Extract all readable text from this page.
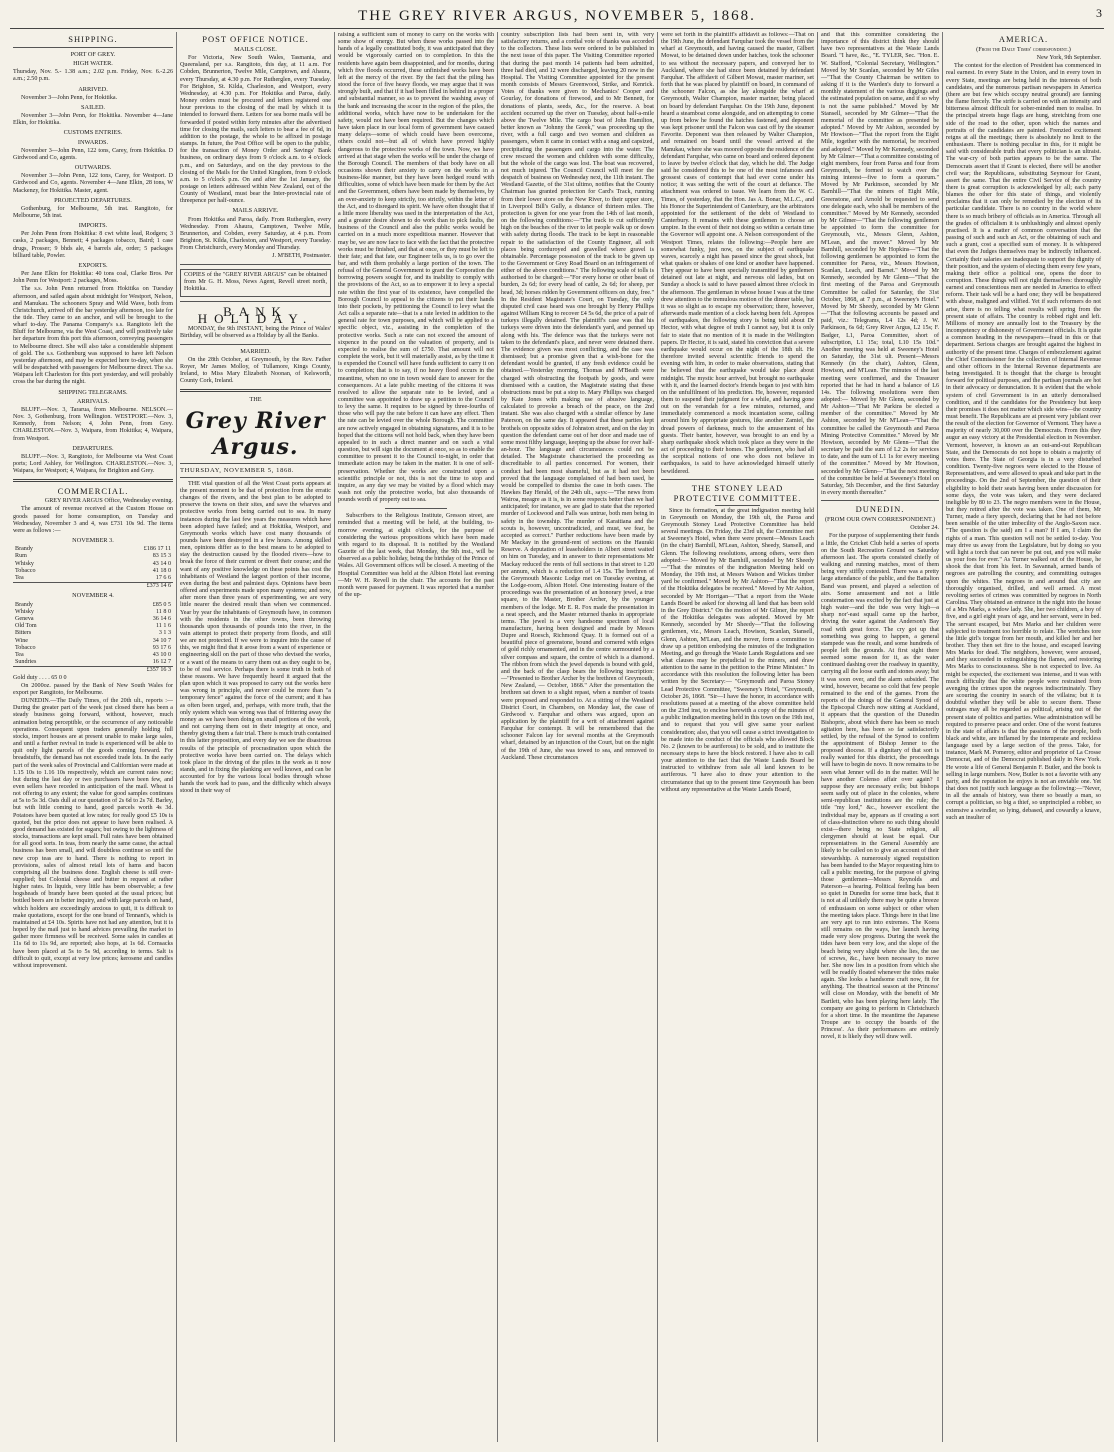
THE GREY RIVER ARGUS, NOVEMBER 5, 1868.	3
SHIPPING.
PORT OF GREY.
HIGH WATER.

Thursday, Nov. 5.- 1.38 a.m.; 2.02 p.m. Friday, Nov. 6.-2.26 a.m.; 2.50 p.m.

ARRIVED.

November 3—John Penn, for Hokitika.

SAILED.

November 3—John Penn, for Hokitika. November 4—Jane Elkin, for Hokitika.

CUSTOMS ENTRIES.
INWARDS.

November 3—John Penn, 122 tons, Carey, from Hokitika. D Girdwood and Co, agents.

OUTWARDS.

November 3—John Penn, 122 tons, Carey, for Westport. D Girdwood and Co, agents. November 4—Jane Elkin, 28 tons, W Mackenzy, for Hokitika. Master, agent.

PROJECTED DEPARTURES.

Gothenburg, for Melbourne, 5th inst. Rangitoto, for Melbourne, 5th inst.

IMPORTS.

Per John Penn from Hokitika: 8 cwt white lead, Rodgers; 3 casks, 2 packages, Bennett; 4 packages tobacco, Baird; 1 case drugs, Prosser; 9 bhds ale, 4 barrels ale, order; 5 packages billiard table, Powler.

EXPORTS.

Per Jane Elkin for Hokitika: 40 tons coal, Clarke Bros. Per John Penn for Westport: 2 packages, Moss.

The s.s. John Penn returned from Hokitika on Tuesday afternoon, and sailed again about midnight for Westport, Nelson, and Manukau. The schooners Spray and Wild Wave, both from Christchurch, arrived off the bar yesterday afternoon, too late for the tide. They came to an anchor, and will be brought to the wharf to-day. The Panama Company's s.s. Rangitoto left the Bluff for Melbourne, via the West Coast, and will positively take her departure from this port this afternoon, conveying passengers to Melbourne direct. She will also take a considerable shipment of gold. The s.s. Gothenburg was supposed to have left Nelson yesterday afternoon, and may be expected here to-day, when she will be despatched with passengers for Melbourne direct. The s.s. Waipara left Charleston for this port yesterday, and will probably cross the bar during the night.

SHIPPING TELEGRAMS.
ARRIVALS.

BLUFF.—Nov. 3, Tararua, from Melbourne. NELSON.—Nov. 3, Gothenburg, from Wellington. WESTPORT.—Nov. 3, Kennedy, from Nelson; 4, John Penn, from Grey. CHARLESTON.—Nov. 3, Waipara, from Hokitika; 4, Waipara, from Westport.

DEPARTURES.

BLUFF.—Nov. 3, Rangitoto, for Melbourne via West Coast ports; Lord Ashley, for Wellington. CHARLESTON.—Nov. 3, Waipara, for Westport; 4, Waipara, for Brighton and Grey.

COMMERCIAL.

GREY RIVER ARGUS Office, Wednesday evening.

The amount of revenue received at the Custom House on goods passed for home consumption, on Tuesday and Wednesday, November 3 and 4, was £731 10s 9d. The items were as follows :—

NOVEMBER 3.
Brandy	£186 17 11
Rum	83 15 3
Whisky	43 14 0
Tobacco	41 18 0
Tea	17 6 6
	£373 14 6
NOVEMBER 4.
Brandy	£85 0 5
Whisky	11 8 0
Geneva	36 14 6
Old Tom	11 1 6
Bitters	3 1 3
Wine	34 10 7
Tobacco	93 17 6
Tea	43 10 0
Sundries	16 12 7
	£357 16 3

Gold duty . . . . 65 0 0

On 2000oz. passed by the Bank of New South Wales for export per Rangitoto, for Melbourne.

DUNEDIN.—The Daily Times, of the 20th ult., reports :— During the greater part of the week just closed there has been a steady business going forward, without, however, much animation being perceptible, or the occurrence of any noticeable operations. Consequent upon traders generally holding full stocks, import houses are at present unable to make large sales, and until a further revival in trade is experienced will be able to quit only light parcels of the goods coming forward. For breadstuffs, the demand has not exceeded trade lots. In the early part of the week sales of Provincial and Californian were made at 1.15 10s to 1.16 10s respectively, which are current rates now; but during the last day or two purchasers have been few, and even sellers have receded in anticipation of the mail. Wheat is not offering to any extent; the value for good samples continues at 5s to 5s 3d. Oats dull at our quotation of 2s 6d to 2s 7d. Barley, but with little coming to hand, good parcels worth 4s 3d. Potatoes have been quoted at low rates; for really good £5 10s is quoted, but the price does not appear to have been realised. A good demand has existed for sugars; but owing to the lightness of stocks, transactions are kept small. Full rates have been obtained for all good sorts. In teas, from nearly the same cause, the actual business has been small, and will doubtless continue so until the new crop teas are to hand. There is nothing to report in provisions, sales of almost retail lots of hams and bacon comprising all the business done. English cheese is still over-supplied; but Colonial cheese and butter in request at rather higher rates. In liquids, very little has been observable; a few hogsheads of brandy have been quoted at the usual prices; but bottled beers are in better inquiry, and with large parcels on hand, which holders are exceedingly anxious to quit, it is difficult to make quotations, except for the one brand of Tennant's, which is maintained at £4 10s. Spirits have not had any attention, but it is hoped by the mail just to hand advices prevailing the market to gather more firmness will be received. Some sales in candles at 11s 6d to 11s 9d, are reported; also hops, at 1s 6d. Cornsacks have been placed at 5s to 5s 9d, according to terms. Salt is difficult to quit, except at very low prices; kerosene and candles without improvement.

POST OFFICE NOTICE.
MAILS CLOSE.

For Victoria, New South Wales, Tasmania, and Queensland, per s.s. Rangitoto, this day, at 11 a.m. For Cobden, Brunnerton, Twelve Mile, Camptown, and Ahaura, every Thursday, at 4.30 p.m. For Rutherglen, every Tuesday. For Brighton, St. Kilda, Charleston, and Westport, every Wednesday, at 4.30 p.m. For Hokitika and Paroa, daily. Money orders must be procured and letters registered one hour previous to the closing of the mail by which it is intended to forward them. Letters for sea borne mails will be forwarded if posted within forty minutes after the advertised time for closing the mails, such letters to bear a fee of 6d, in addition to the postage, the whole to be affixed in postage stamps. In future, the Post Office will be open to the public, for the transaction of Money Order and Savings' Bank business, on ordinary days from 9 o'clock a.m. to 4 o'clock p.m., and on Saturdays, and on the day previous to the closing of the Mails for the United Kingdom, from 9 o'clock a.m. to 5 o'clock p.m. On and after the 1st January, the postage on letters addressed within New Zealand, out of the County of Westland, must bear the Inter-provincial rate of threepence per half-ounce.

MAILS ARRIVE.

From Hokitika and Paroa, daily. From Rutherglen, every Wednesday. From Ahaura, Camptown, Twelve Mile, Brunnerton, and Cobden, every Saturday, at 4 p.m. From Brighton, St. Kilda, Charleston, and Westport, every Tuesday. From Christchurch, every Monday and Thursday.

J. M'BETH, Postmaster.

COPIES of the "GREY RIVER ARGUS" can be obtained from Mr G. H. Moss, News Agent, Revell street north, Hokitika.

BANK HOLIDAY.

MONDAY, the 9th INSTANT, being the Prince of Wales' Birthday, will be observed as a Holiday by all the Banks.

MARRIED.

On the 28th October, at Greymouth, by the Rev. Father Royer, Mr James Molloy, of Tullamore, Kings County, Ireland, to Miss Mary Elizabeth Noonan, of Kelsworth, County Cork, Ireland.

THE
Grey River Argus.
THURSDAY, NOVEMBER 5, 1868.

THE vital question of all the West Coast ports appears at the present moment to be that of protection from the erratic changes of the rivers, and the best plan to be adopted to preserve the towns on their sites, and save the wharves and protective works from being carried out to sea. In many instances during the last few years the measures which have been adopted have failed; and at Hokitika, Westport, and Greymouth works which have cost many thousands of pounds have been destroyed in a few hours. Among skilled men, opinions differ as to the best means to be adopted to stay the destruction caused by the flooded rivers—how to break the force of their current or divert their course; and the want of any positive knowledge on these points has cost the inhabitants of Westland the largest portion of their income, even during the best and palmiest days. Opinions have been offered and experiments made upon many systems; and now, after more than three years of experimenting, we are very little nearer the desired result than when we commenced. Year by year the inhabitants of Greymouth have, in common with the residents in the other towns, been throwing thousands upon thousands of pounds into the river, in the vain attempt to protect their property from floods, and still we are not protected. If we were to inquire into the cause of this, we might find that it arose from a want of experience or engineering skill on the part of those who devised the works, or a want of the means to carry them out as they ought to be, to be of real service. Perhaps there is some truth in both of these reasons. We have frequently heard it argued that the plan upon which it was proposed to carry out the works here was wrong in principle, and never could be more than "a temporary fence" against the force of the current; and it has as often been urged, and, perhaps, with more truth, that the only system which was wrong was that of frittering away the money as we have been doing on small portions of the work, and not carrying them out in their integrity at once, and thereby giving them a fair trial. There is much truth contained in this latter proposition, and every day we see the disastrous results of the principle of procrastination upon which the protective works have been carried on. The delays which took place in the driving of the piles in the work as it now stands, and in fixing the planking are well known, and can be accounted for by the various local bodies through whose hands the work had to pass, and the difficulty which always stood in their way of

raising a sufficient sum of money to carry on the works with some show of energy. But when these works passed into the hands of a legally constituted body, it was anticipated that they would be vigorously carried on to completion. In this the residents have again been disappointed, and for months, during which five floods occurred, these unfinished works have been left at the mercy of the river. By the fact that the piling has stood the force of five heavy floods, we may argue that it was strongly built, and that if it had been filled in behind in a proper and substantial manner, so as to prevent the washing away of the bank and increasing the scour in the region of the piles, the additional works, which have now to be undertaken for the safety, would not have been required. But the changes which have taken place in our local form of government have caused many delays—some of which could have been overcome, others could not—but all of which have proved highly dangerous to the protective works of the town. Now, we have arrived at that stage when the works will be under the charge of the Borough Council. The members of that body have on all occasions shown their anxiety to carry on the works in a business-like manner, but they have been hedged round with difficulties, some of which have been made for them by the Act and the Government, others have been made by themselves, by an over-anxiety to keep strictly, too strictly, within the letter of the Act, and to disregard its spirit. We have often thought that if a little more liberality was used in the interpretation of the Act, and a greater desire shown to do work than to pick faults, the business of the Council and also the public works would be carried on in a much more expeditious manner. However that may be, we are now face to face with the fact that the protective works must be finished, and that at once, or they must be left to their fate; and that fate, our Engineer tells us, is to go over the bar, and with them probably a large portion of the town. The refusal of the General Government to grant the Corporation the borrowing powers sought for, and its inability to comply with the provisions of the Act, so as to empower it to levy a special rate within the first year of its existence, have compelled the Borough Council to appeal to the citizens to put their hands into their pockets, by petitioning the Council to levy what the Act calls a separate rate—that is a rate levied in addition to the general rate for town purposes, and which will be applied to a specific object, viz., assisting in the completion of the protective works. Such a rate can not exceed the amount of sixpence in the pound on the valuation of property, and is expected to realise the sum of £750. That amount will not complete the work, but it will materially assist, as by the time it is expended the Council will have funds sufficient to carry it on to completion; that is to say, if no heavy flood occurs in the meantime, when no one in town would dare to answer for the consequences. At a late public meeting of the citizens it was resolved to allow the separate rate to be levied, and a committee was appointed to draw up a petition to the Council to levy the same. It requires to be signed by three-fourths of those who will pay the rate before it can have any effect. Then the rate can be levied over the whole Borough. The committee are now actively engaged in obtaining signatures, and it is to be hoped that the citizens will not hold back, when they have been appealed to in such a direct manner and on such a vital question, but will sign the document at once, so as to enable the committee to present it to the Council to-night, in order that immediate action may be taken in the matter. It is one of self-preservation. Whether the works are constructed upon a scientific principle or not, this is not the time to stop and inquire, as any day we may be visited by a flood which may wash not only the protective works, but also thousands of pounds worth of property out to sea.

Subscribers to the Religious Institute, Gresson street, are reminded that a meeting will be held, at the building, to-morrow evening, at eight o'clock, for the purpose of considering the various propositions which have been made with regard to its disposal. It is notified by the Westland Gazette of the last week, that Monday, the 9th inst., will be observed as a public holiday, being the birthday of the Prince of Wales. All Government offices will be closed. A meeting of the Hospital Committee was held at the Albion Hotel last evening—Mr W. H. Revell in the chair. The accounts for the past month were passed for payment. It was reported that a number of the up-

country subscription lists had been sent in, with very satisfactory returns, and a cordial vote of thanks was accorded to the collectors. These lists were ordered to be published in the next issue of this paper. The Visiting Committee reported that during the past month 14 patients had been admitted, three had died, and 12 were discharged, leaving 20 now in the Hospital. The Visiting Committee appointed for the present month consists of Messrs Greenwood, Strike, and Kenrick. Votes of thanks were given to Mechanics' Cooper and Gourlay, for donations of firewood, and to Mr Bennett, for donations of plants, seeds, &c., for the reserve. A boat accident occurred up the river on Tuesday, about half-a-mile above the Twelve Mile. The cargo boat of John Hamilton, better known as "Johnny the Greek," was proceeding up the river, with a full cargo and two women and children as passengers, when it came in contact with a snag and capsized, precipitating the passengers and cargo into the water. The crew rescued the women and children with some difficulty, but the whole of the cargo was lost. The boat was recovered, not much injured. The Council Council will meet for the despatch of business on Wednesday next, the 11th instant. The Westland Gazette, of the 31st ultimo, notifies that the County Chairman has granted protection for Card's Track, running from their lower store on the New River, to their upper store, in Liverpool Bill's Gully, a distance of thirteen miles. The protection is given for one year from the 14th of last month, on the following conditions:—"The track to cut sufficiently high on the beaches of the river to let people walk up or down with safety during floods. The track to be kept in reasonable repair to the satisfaction of the County Engineer, all soft places being corduroyed and gravelled where gravel is obtainable. Percentage possession of the track to be given up to the Government or Grey Road Board on an infringement of either of the above conditions." The following scale of tolls is authorised to be charged:—"For every horse or other beast of burden, 2s 6d; for every head of cattle, 2s 6d; for sheep, per head, 3d; horses ridden by Government officers on duty, free." In the Resident Magistrate's Court, on Tuesday, the only disputed civil case heard was one brought by Henry Phillips against William King to recover £4 5s 6d, the price of a pair of turkeys illegally detained. The plaintiff's case was that his turkeys were driven into the defendant's yard, and penned up along with his. The defence was that the turkeys were not taken to the defendant's place, and never were detained there. The evidence given was most conflicting, and the case was dismissed; but a promise given that a wish-bone for the defendant would be granted, if any fresh evidence could be obtained.—Yesterday morning, Thomas and M'Beath were charged with obstructing the footpath by goods, and were dismissed with a caution, the Magistrate stating that these obstructions must be put a stop to. Mary Phillips was charged by Kate Jones with making use of abusive language, calculated to provoke a breach of the peace, on the 2nd instant. She was also charged with a similar offence by Jane Paterson, on the same day. It appeared that these parties kept brothels on opposite sides of Johnston street, and on the day in question the defendant came out of her door and made use of some most filthy language, keeping up the abuse for over half-an-hour. The language and circumstances could not be detailed. The Magistrate characterised the proceeding as discreditable to all parties concerned. For women, their conduct had been most shameful, but as it had not been proved that the language complained of had been used, he would be compelled to dismiss the case in both cases. The Hawkes Bay Herald, of the 24th ult., says:—"The news from Wairoa, meagre as it is, is in some respects better than we had anticipated; for instance, we are glad to state that the reported murder of Lockwood and Falls was untrue, both men being in safety in the township. The murder of Karaitiana and the scouts is, however, uncontradicted, and must, we fear, be accepted as correct." Further reductions have been made by Mr Mackay in the ground-rent of sections on the Hauraki Reserve. A deputation of leaseholders in Albert street waited on him on Tuesday, and in answer to their representations Mr Mackay reduced the rents of full sections in that street to 1.20 per annum, which is a reduction of 1.4 15s. The brethren of the Greymouth Masonic Lodge met on Tuesday evening, at the Lodge-room, Albion Hotel. One interesting feature of the proceedings was the presentation of an honorary jewel, a true square, to the Master, Brother Archer, by the younger members of the lodge. Mr E. R. Fox made the presentation in a neat speech, and the Master returned thanks in appropriate terms. The jewel is a very handsome specimen of local manufacture, having been designed and made by Messrs Dupre and Roesch, Richmond Quay. It is formed out of a beautiful piece of greenstone, bound and cornered with edges of gold richly ornamented, and in the centre surmounted by a silver compass and square, the centre of which is a diamond. The ribbon from which the jewel depends is bound with gold, and the back of the clasp bears the following inscription:—"Presented to Brother Archer by the brethren of Greymouth, New Zealand, — October, 1868." After the presentation the brethren sat down to a slight repast, when a number of toasts were proposed and responded to. At a sitting of the Westland District Court, in Chambers, on Monday last, the case of Girdwood v. Farquhar and others was argued, upon an application by the plaintiff for a writ of attachment against Farquhar for contempt. It will be remembered that the schooner Falcon lay for several months at the Greymouth wharf, detained by an injunction of the Court, but on the night of the 19th of June, she was towed to sea, and removed to Auckland. These circumstances

were set forth in the plaintiff's affidavit as follows:—That on the 19th June, the defendant Farquhar took the vessel from the wharf at Greymouth, and having caused the master, Gilbert Mowat, to be detained down under hatches, took the schooner to sea without the necessary papers, and conveyed her to Auckland, where she had since been detained by defendant Farquhar. The affidavit of Gilbert Mowat, master mariner, set forth that he was placed by plaintiff on board, in command of the schooner Falcon, as she lay alongside the wharf at Greymouth, Walter Champion, master mariner, being placed on board by defendant Farquhar. On the 19th June, deponent heard a steamboat come alongside, and on attempting to come up from below he found the hatches fastened, and deponent was kept prisoner until the Falcon was cast off by the steamer Favorite. Deponent was then released by Walter Champion, and remained on board until the vessel arrived at the Manukau, where she was moored opposite the residence of the defendant Farquhar, who came on board and ordered deponent to leave by twelve o'clock that day, which he did. The Judge said he considered this to be one of the most infamous and grossest cases of contempt that had ever come under his notice; it was setting the writ of the court at defiance. The attachment was ordered to issue. We learn from the W. C. Times, of yesterday, that the Hon. Jas A. Bonar, M.L.C., and his Honor the Superintendent of Canterbury, are the arbitrators appointed for the settlement of the debt of Westland to Canterbury. It remains with these gentlemen to choose an umpire. In the event of their not doing so within a certain time the Governor will appoint one. A Nelson correspondent of the Westport Times, relates the following:—People here are somewhat funky, just now, on the subject of earthquake waves, scarcely a night has passed since the great shock, but what quakes or shakes of one kind or another have happened. They appear to have been specially transmitted by gentlemen detained out late at night, and nervous old ladies, but on Sunday a shock is said to have passed almost three o'clock in the afternoon. The gentleman in whose house I was at the time drew attention to the tremulous motion of the dinner table, but it was so slight as to escape my observation; there, however, afterwards made mention of a clock having been felt. Apropos of earthquakes, the following story is being told about Dr Hector, with what degree of truth I cannot say, but it is only fair to state that no mention of it is made in the Wellington papers. Dr Hector, it is said, stated his conviction that a severe earthquake would occur on the night of the 18th ult. He therefore invited several scientific friends to spend the evening with him, in order to make observations, stating that he believed that the earthquake would take place about midnight. The mystic hour arrived, but brought no earthquake with it, and the learned doctor's friends began to jest with him on the unfulfilment of his prediction. He, however, requested them to suspend their judgment for a while, and having gone out on the verandah for a few minutes, returned, and immediately commenced a mock incantation scene, calling around him by appropriate gestures, like another Zamiel, the dread powers of darkness, much to the amusement of his guests. Their banter, however, was brought to an end by a sharp earthquake shock which took place as they were in the act of proceeding to their homes. The gentlemen, who had all the sceptical notions of one who does not believe in earthquakes, is said to have acknowledged himself utterly bewildered.

THE STONEY LEAD PROTECTIVE COMMITTEE.

Since its formation, at the great indignation meeting held in Greymouth on Monday, the 19th ult, the Paroa and Greymouth Stoney Lead Protective Committee has held several meetings. On Friday, the 23rd ult, the Committee met at Sweeney's Hotel, when there were present—Messrs Leach (in the chair) Barnhill, M'Lean, Ashton, Sheedy, Stansell, and Glenn. The following resolutions, among others, were then adopted:— Moved by Mr Barnhill, seconded by Mr Sheedy—"That the minutes of the indignation Meeting held on Monday, the 19th inst, at Messrs Watson and Wickes timber yard be confirmed." Moved by Mr Ashton—"That the report of the Hokitika delegates be received." Moved by Mr Ashton, seconded by Mr Horrigan—"That a report from the Waste Lands Board be asked for showing all land that has been sold in the Grey District." On the motion of Mr Gilmer, the report of the Hokitika delegates was adopted. Moved by Mr Kennedy, seconded by Mr Sheedy—"That the following gentlemen, viz., Messrs Leach, Howison, Scanlan, Stansell, Glenn, Ashton, M'Lean, and the mover, form a committee to draw up a petition embodying the minutes of the Indignation Meeting, and go through the Waste Lands Regulations and see what clauses may be prejudicial to the miners, and draw attention to the same in the petition to the Prime Minister." In accordance with this resolution the following letter has been written by the Secretary:— "Greymouth and Paroa Stoney Lead Protective Committee, "Sweeney's Hotel, "Greymouth, October 26, 1868. "Sir—I have the honor, in accordance with resolutions passed at a meeting of the above committee held on the 23rd inst, to enclose herewith a copy of the minutes of a public indignation meeting held in this town on the 19th inst, and to request that you will give same your earliest consideration; also, that you will cause a strict investigation to be made into the conduct of the officials who allowed Block No. 2 (known to be auriferous) to be sold, and to institute the necessary steps to have the block restored. I have also to call your attention to the fact that the Waste Lands Board be instructed to withdraw from sale all land known to be auriferous. "I have also to draw your attention to the circumstance that up to the present time Greymouth has been without any representative at the Waste Lands Board,

and that this committee considering the importance of this district think they should have two representatives at the Waste Lands Board. "I have, &c., "E. TYLER, Sec. "Hon. E. W. Stafford, "Colonial Secretary, Wellington." Moved by Mr Scanlan, seconded by Mr Giles—"That the County Chairman be written to asking if it is the Warden's duty to forward a monthly statement of the various diggings and the estimated population on same, and if so why is not the same published." Moved by Mr Stansell, seconded by Mr Gilmer—"That the memorial of the committee as presented be adopted." Moved by Mr Ashton, seconded by Mr Howison—"That the report from the Eight Mile, together with the memorial, be received and adopted." Moved by Mr Kennedy, seconded by Mr Gilmer—"That a committee consisting of eight members, four from Paroa and four from Greymouth, be formed to watch over the mining interest—five to form a quorum." Moved by Mr Parkinson, seconded by Mr Barnhill—"That the miners of Eight Mile, Greenstone, and Arnold be requested to send one delegate each, who shall be members of the committee." Moved by Mr Kennedy, seconded by Mr Gilmer—"That the following gentlemen be appointed to form the committee for Greymouth, viz., Messrs Glenn, Ashton, M'Lean, and the mover." Moved by Mr Barnhill, seconded by Mr Hopkins—"That the following gentlemen be appointed to form the committee for Paroa, viz., Messrs Howison, Scanlan, Leach, and Barnet." Moved by Mr Kennedy, seconded by Mr Glenn—"That the first meeting of the Paroa and Greymouth Committee be called for Saturday, the 31st October, 1868, at 7 p.m., at Sweeney's Hotel." Moved by Mr Sheedy, seconded by Mr Glenn—"That the following accounts be passed and paid, viz.: Telegrams, L4 12s 4d; J. W. Parkinson, 6s 6d; Grey River Argus, L2 15s; F. Badger, L1, Paroa Committee, short of subscription, L1 15s; total, L10 15s 10d." Another meeting was held at Sweeney's Hotel on Saturday, the 31st ult. Present—Messrs Kennedy (in the chair), Ashton, Glenn, Howison, and M'Lean. The minutes of the last meeting were confirmed, and the Treasurer reported that he had in hand a balance of L6 14s. The following resolutions were then adopted:— Moved by Mr Glenn, seconded by Mr Ashton—"That Mr Parkins be elected a member of the committee." Moved by Mr Ashton, seconded by Mr M'Lean—"That the committee be called the Greymouth and Paroa Mining Protective Committee." Moved by Mr Howison, seconded by Mr Glenn—"That the secretary be paid the sum of L2 2s for services to date, and the sum of L1 1s for every meeting of the committee." Moved by Mr Howison, seconded by Mr Glenn—"That the next meeting of the committee be held at Sweeney's Hotel on Saturday, 5th December, and the first Saturday in every month thereafter."

DUNEDIN.
(FROM OUR OWN CORRESPONDENT.)

October 24.

For the purpose of supplementing their funds a little, the Cricket Club held a series of sports on the South Recreation Ground on Saturday afternoon last. The sports consisted chiefly of walking and running matches, most of them being very stiffly contested. There was a pretty large attendance of the public, and the Battalion Band was present, and played a selection of airs. Some amusement and not a little consternation was excited by the fact that just at high water—and the tide was very high—a sharp nor'-east squall came up the harbor, driving the water against the Anderson's Bay road with great force. The cry got up that something was going to happen, a general stampede was the result, and some hundreds of people left the grounds. At first sight there seemed some reason for it, as the water continued dashing over the roadway in quantity, carrying all the loose earth and stones away; but it was soon over, and the alarm subsided. The wind, however, became so cold that few people remained to the end of the games. From the reports of the doings of the General Synod of the Episcopal Church now sitting at Auckland, it appears that the question of the Dunedin Bishopric, about which there has been so much agitation here, has been so far satisfactorily settled, by the refusal of the Synod to confirm the appointment of Bishop Jenner to the proposed diocese. If a dignitary of that sort is really wanted for this district, the proceedings will have to begin de novo. It now remains to be seen what Jenner will do in the matter. Will he have another Colenso affair over again? I suppose they are necessary evils; but bishops seem sadly out of place in the colonies, where semi-republican institutions are the rule; the title "my lord," &c., however excellent the individual may be, appears as if creating a sort of class-distinction where no such thing should exist—there being no State religion, all clergymen should at least be equal. Our representatives in the General Assembly are likely to be called on to give an account of their stewardship. A numerously signed requisition has been handed to the Mayor requesting him to call a public meeting, for the purpose of giving those gentlemen—Messrs Reynolds and Paterson—a hearing. Political feeling has been so quiet in Dunedin for some time back, that it is not at all unlikely there may be quite a breeze of enthusiasm on some subject or other when the meeting takes place. Things here in that line are very apt to run into extremes. The Koera still remains on the ways, her launch having made very slow progress. During the week the tides have been very low, and the slope of the beach being very slight where she lies, the use of screws, &c., have been necessary to move her. She now lies in a position from which she will be readily floated whenever the tides make again. She looks a handsome craft now, fit for anything. The theatrical season at the Princess' will close on Monday, with the benefit of Mr Bartlett, who has been playing here lately. The company are going to perform in Christchurch for a short time. In the meantime the Japanese Troupe are to occupy the boards of the Princess'. As their performances are entirely novel, it is likely they will draw well.

AMERICA.
(From the Daily Times' correspondent.)

New York, 9th September.

The contest for the election of President has commenced in real earnest. In every State in the Union, and in every town in every State, meetings are being held in the interests of both candidates, and the numerous partisan newspapers in America (there are but few which occupy neutral ground) are fanning the flame fiercely. The strife is carried on with an intensity and bitterness almost difficult for sober-minded men to realise. In the principal streets huge flags are hung, stretching from one side of the road to the other, upon which the names and portraits of the candidates are painted. Frenzied excitement reigns at all the meetings; there is absolutely no limit to the enthusiasm. There is nothing peculiar in this, for it might be said with considerable truth that every politician is an ultraist. The war-cry of both parties appears to be the same. The Democrats assert that if Grant is elected, there will be another civil war; the Republicans, substituting Seymour for Grant, assert the same. That the entire Civil Service of the country there is great corruption is acknowledged by all; each party blames the other for this state of things, and violently proclaims that it can only be remedied by the election of its particular candidate. There is no country in the world where there is so much bribery of officials as in America. Through all the grades of officialism it is unblushingly and almost openly practised. It is a matter of common conversation that the passing of such and such an Act, or the obtaining of such and such a grant, cost a specified sum of money. It is whispered that even the Judges themselves may be indirectly influenced. Certainly their salaries are inadequate to support the dignity of their position, and the system of electing them every few years, making their office a political one, opens the door to corruption. These things will not right themselves: thoroughly earnest and conscientious men are needed in America to effect reform. Their task will be a hard one; they will be bespattered with abuse, maligned and vilified. Yet if such reformers do not arise, there is no telling what results will spring from the present state of affairs. The country is robbed right and left. Millions of money are annually lost to the Treasury by the incompetency or dishonesty of Government officials. It is quite a common heading in the newspapers—fraud in this or that department. Serious charges are brought against the highest in authority of the present time. Charges of embezzlement against the Chief Commissioner for the collection of Internal Revenue and other officers in the Internal Revenue departments are being investigated. It is thought that the charge is brought forward for political purposes, and the partisan journals are hot in their advocacy or denunciation. It is evident that the whole system of civil Government is in an utterly demoralised condition, and if the candidates for the Presidency but keep their promises it does not matter which side wins—the country must benefit. The Republicans are at present very jubilant over the result of the election for Governor of Vermont. They have a majority of nearly 30,000 over the Democrats. From this they augur an easy victory at the Presidential election in November. Vermont, however, is known as an out-and-out Republican State, and the Democrats do not hope to obtain a majority of votes there. The State of Georgia is in a very disturbed condition. Twenty-five negroes were elected to the House of Representatives, and were allowed to speak and take part in the proceedings. On the 2nd of September, the question of their eligibility to hold their seats having been under discussion for some days, the vote was taken, and they were declared ineligible by 80 to 23. The negro members were in the House, but they retired after the vote was taken. One of them, Mr Turner, made a fiery speech, declaring that he had not before been sensible of the utter imbecility of the Anglo-Saxon race. "The question is (he said) am I a man? If I am, I claim the rights of a man. This question will not be settled to-day. You may drive us away from the Legislature, but by doing so you will light a torch that can never be put out, and you will make us your foes for ever." As Turner walked out of the House, he shook the dust from his feet. In Savannah, armed bands of negroes are patrolling the country, and committing outrages upon the whites. The negroes in and around that city are thoroughly organised, drilled, and well armed. A most revolting series of crimes was committed by negroes in North Carolina. They obtained an entrance in the night into the house of a Mrs Marks, a widow lady. She, her two children, a boy of five, and a girl eight years of age, and her servant, were in bed. The servant escaped, but Mrs Marks and her children were subjected to treatment too horrible to relate. The wretches tore the little girl's tongue from her mouth, and killed her and her brother. They then set fire to the house, and escaped leaving Mrs Marks for dead. The neighbors, however, were aroused, and they succeeded in extinguishing the flames, and restoring Mrs Marks to consciousness. She is not expected to live. As might be expected, the excitement was intense, and it was with much difficulty that the white people were restrained from avenging the crimes upon the negroes indiscriminately. They are scouring the country in search of the villains; but it is doubtful whether they will be able to secure them. These outrages may all be regarded as political, arising out of the present state of politics and parties. Wise administration will be required to preserve peace and order. One of the worst features in the state of affairs is that the passions of the people, both black and white, are inflamed by the intemperate and reckless language used by a large section of the press. Take, for instance, Mark M. Pomeroy, editor and proprietor of La Crosse Democrat, and of the Democrat published daily in New York. He wrote a life of General Benjamin F. Butler, and the book is selling in large numbers. Now, Butler is not a favorite with any party, and the reputation he enjoys is not an enviable one. Yet that does not justify such language as the following:—"Never, in all the annals of history, was there so beastly a man, so corrupt a politician, so big a thief, so unprincipled a robber, so extensive a swindler, so lying, debased, and cowardly a knave, such an insulter of
